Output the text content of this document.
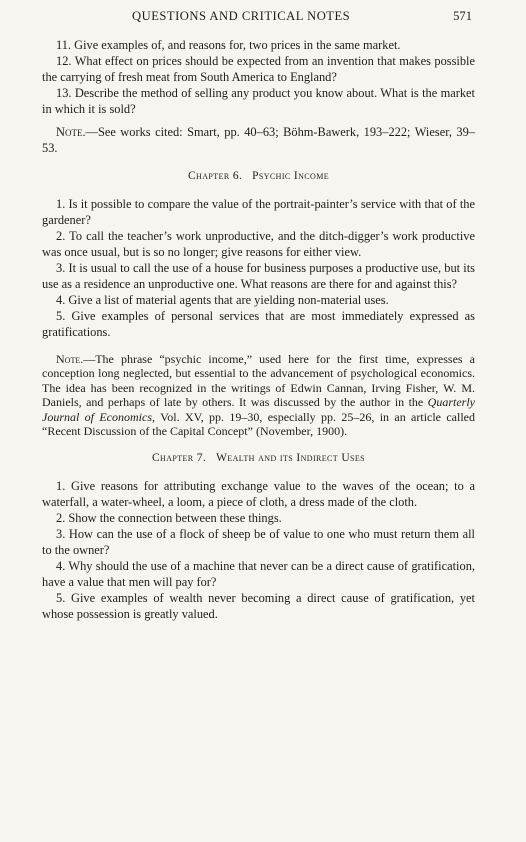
QUESTIONS AND CRITICAL NOTES	571

11. Give examples of, and reasons for, two prices in the same market.

12. What effect on prices should be expected from an invention that makes possible the carrying of fresh meat from South America to England?

13. Describe the method of selling any product you know about. What is the market in which it is sold?

Note.—See works cited: Smart, pp. 40–63; Böhm-Bawerk, 193–222; Wieser, 39–53.

Chapter 6. Psychic Income

1. Is it possible to compare the value of the portrait-painter’s service with that of the gardener?

2. To call the teacher’s work unproductive, and the ditch-digger’s work productive was once usual, but is so no longer; give reasons for either view.

3. It is usual to call the use of a house for business purposes a productive use, but its use as a residence an unproductive one. What reasons are there for and against this?

4. Give a list of material agents that are yielding non-material uses.

5. Give examples of personal services that are most immediately expressed as gratifications.

Note.—The phrase “psychic income,” used here for the first time, expresses a conception long neglected, but essential to the advancement of psychological economics. The idea has been recognized in the writings of Edwin Cannan, Irving Fisher, W. M. Daniels, and perhaps of late by others. It was discussed by the author in the Quarterly Journal of Economics, Vol. XV, pp. 19–30, especially pp. 25–26, in an article called “Recent Discussion of the Capital Concept” (November, 1900).

Chapter 7. Wealth and its Indirect Uses

1. Give reasons for attributing exchange value to the waves of the ocean; to a waterfall, a water-wheel, a loom, a piece of cloth, a dress made of the cloth.

2. Show the connection between these things.

3. How can the use of a flock of sheep be of value to one who must return them all to the owner?

4. Why should the use of a machine that never can be a direct cause of gratification, have a value that men will pay for?

5. Give examples of wealth never becoming a direct cause of gratification, yet whose possession is greatly valued.
